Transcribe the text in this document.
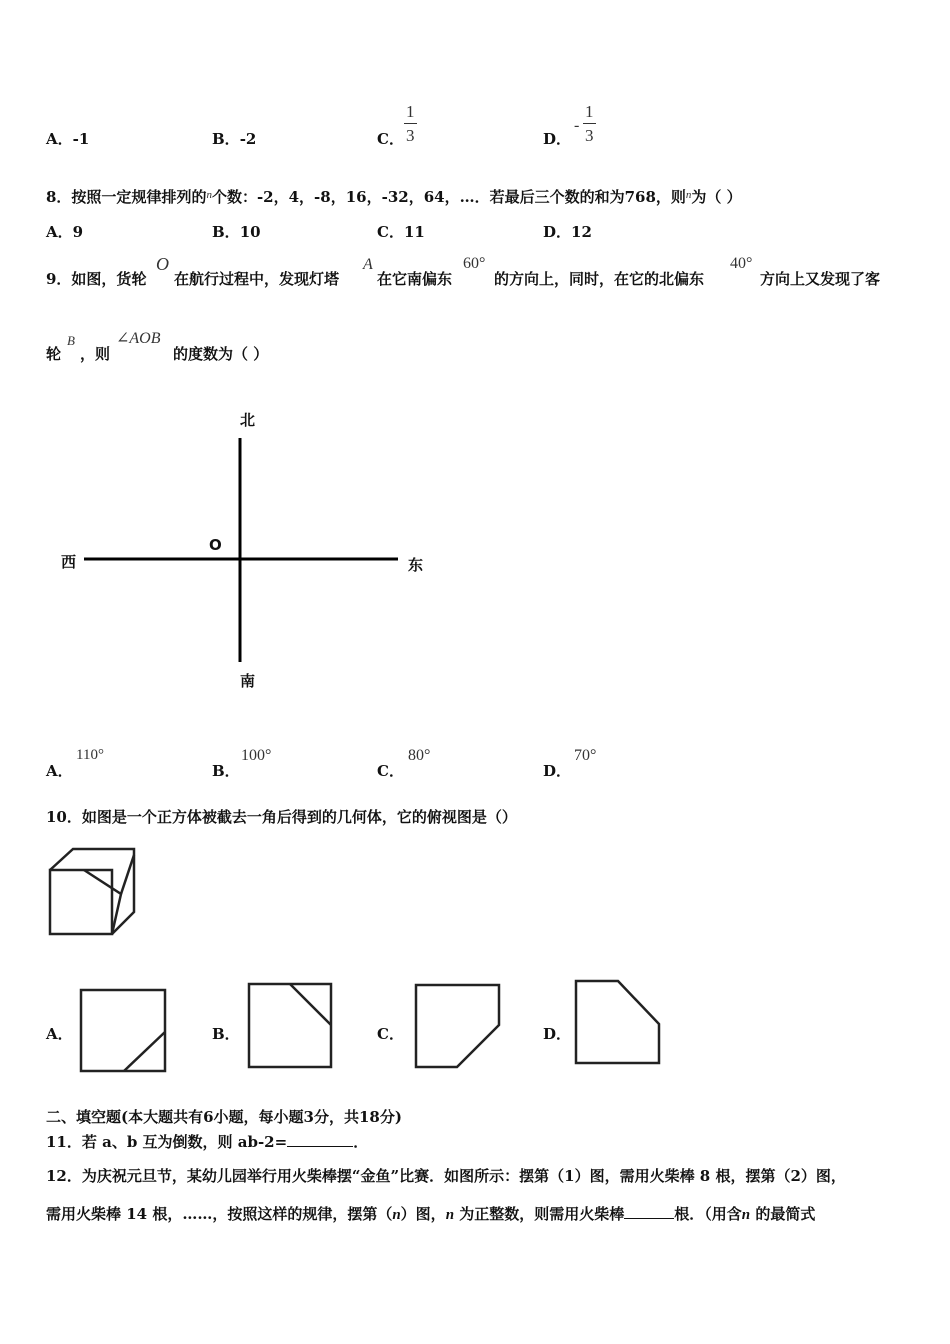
A．-1	B．-2	C．
1
3	D．
-
1
3
8．按照一定规律排列的$^n$个数：-2，4，-8，16，-32，64，…．若最后三个数的和为768，则$^n$为（ ）
A．9	B．10	C．11	D．12
9．如图，货轮
O
在航行过程中，发现灯塔
A
在它南偏东
60°
的方向上，同时，在它的北偏东
40°
方向上又发现了客
轮
B
，则
∠AOB
的度数为（ ）
北
南
西	东
O
A．
110°
B．
100°
C．
80°
D．
70°
10．如图是一个正方体被截去一角后得到的几何体，它的俯视图是（）
A．	B．	C．	D．
二、填空题(本大题共有6小题，每小题3分，共18分)
11．若 a、b 互为倒数，则 ab-2=	．
12．为庆祝元旦节，某幼儿园举行用火柴棒摆“金鱼”比赛．如图所示：摆第（1）图，需用火柴棒 8 根，摆第（2）图，
需用火柴棒 14 根，……，按照这样的规律，摆第（n）图，n 为正整数，则需用火柴棒	根．（用含n 的最简式
